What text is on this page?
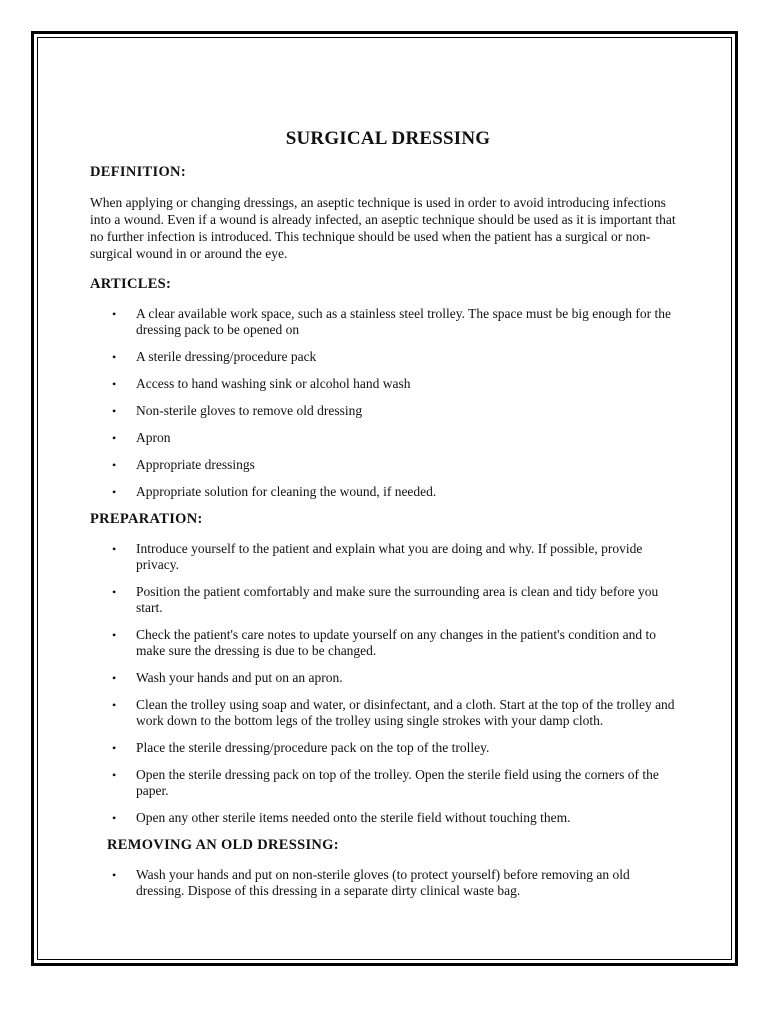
SURGICAL DRESSING
DEFINITION:

When applying or changing dressings, an aseptic technique is used in order to avoid introducing infections into a wound. Even if a wound is already infected, an aseptic technique should be used as it is important that no further infection is introduced. This technique should be used when the patient has a surgical or non-surgical wound in or around the eye.

ARTICLES:
• A clear available work space, such as a stainless steel trolley. The space must be big enough for the dressing pack to be opened on
• A sterile dressing/procedure pack
• Access to hand washing sink or alcohol hand wash
• Non-sterile gloves to remove old dressing
• Apron
• Appropriate dressings
• Appropriate solution for cleaning the wound, if needed.
PREPARATION:
• Introduce yourself to the patient and explain what you are doing and why. If possible, provide privacy.
• Position the patient comfortably and make sure the surrounding area is clean and tidy before you start.
• Check the patient's care notes to update yourself on any changes in the patient's condition and to make sure the dressing is due to be changed.
• Wash your hands and put on an apron.
• Clean the trolley using soap and water, or disinfectant, and a cloth. Start at the top of the trolley and work down to the bottom legs of the trolley using single strokes with your damp cloth.
• Place the sterile dressing/procedure pack on the top of the trolley.
• Open the sterile dressing pack on top of the trolley. Open the sterile field using the corners of the paper.
• Open any other sterile items needed onto the sterile field without touching them.
REMOVING AN OLD DRESSING:
• Wash your hands and put on non-sterile gloves (to protect yourself) before removing an old dressing. Dispose of this dressing in a separate dirty clinical waste bag.
